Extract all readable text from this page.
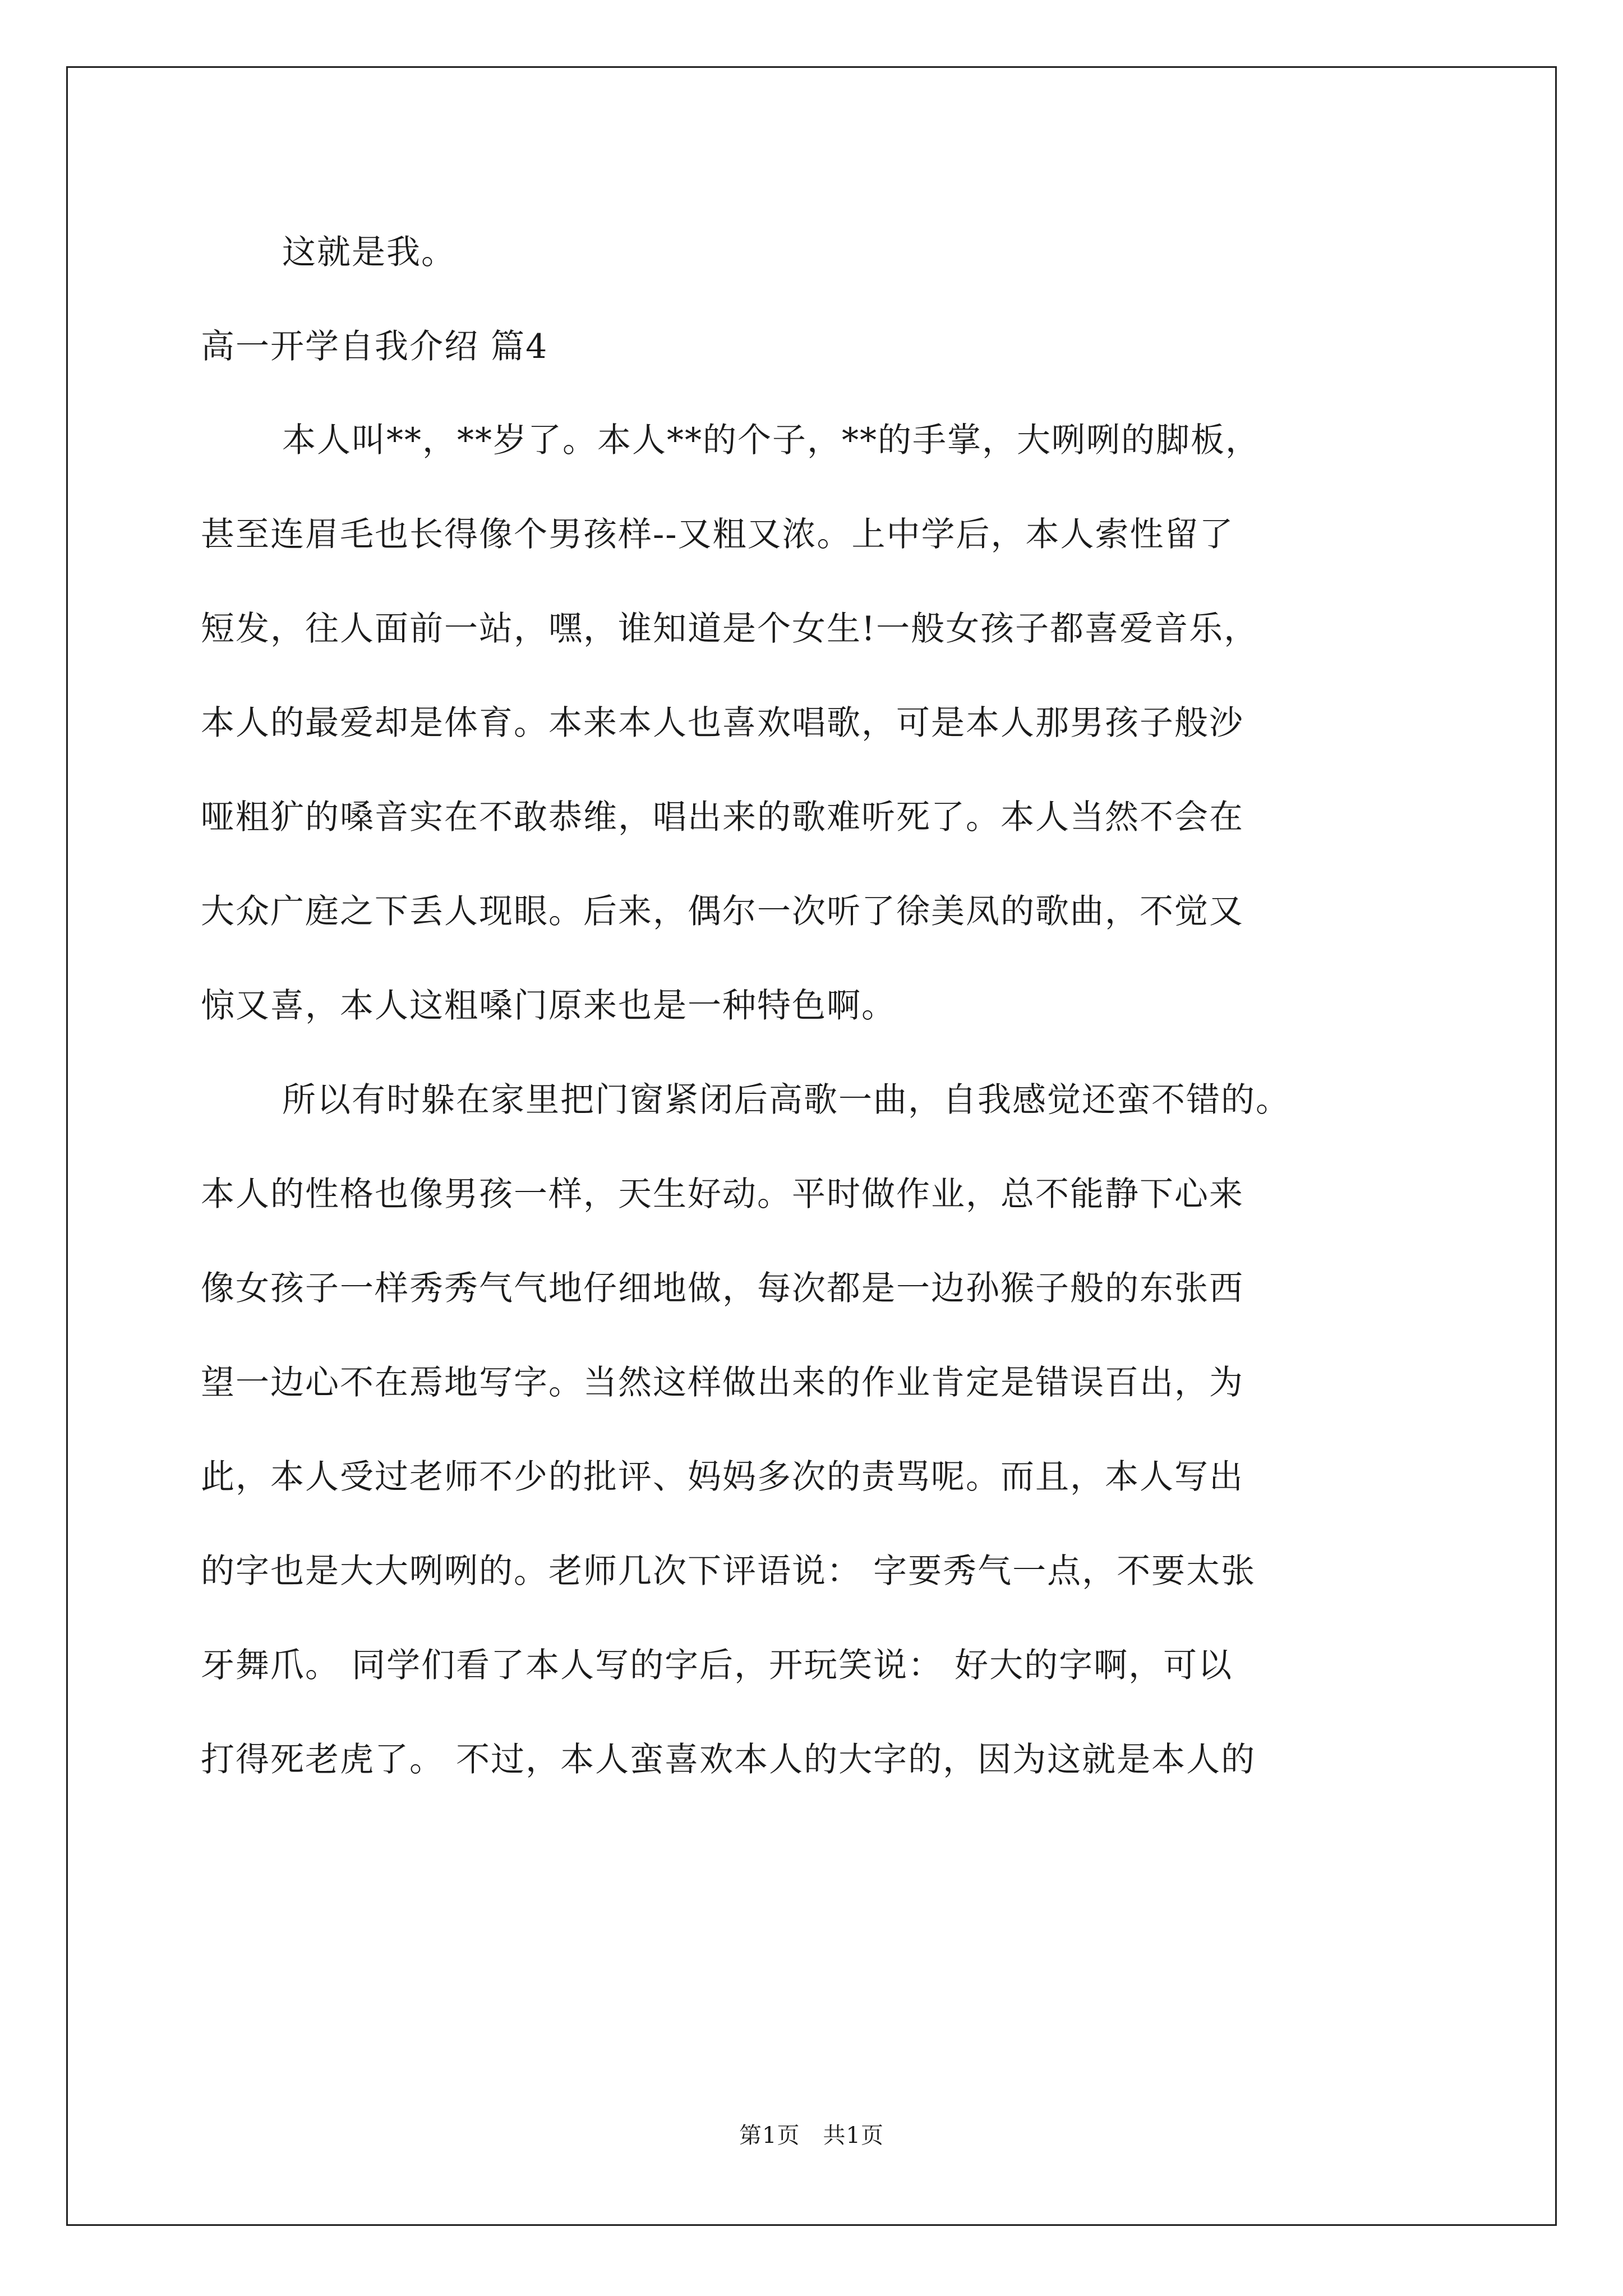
这就是我。
高一开学自我介绍 篇4
本人叫**，**岁了。本人**的个子，**的手掌，大咧咧的脚板，
甚至连眉毛也长得像个男孩样--又粗又浓。上中学后，本人索性留了
短发，往人面前一站，嘿，谁知道是个女生!一般女孩子都喜爱音乐，
本人的最爱却是体育。本来本人也喜欢唱歌，可是本人那男孩子般沙
哑粗犷的嗓音实在不敢恭维，唱出来的歌难听死了。本人当然不会在
大众广庭之下丢人现眼。后来，偶尔一次听了徐美凤的歌曲，不觉又
惊又喜，本人这粗嗓门原来也是一种特色啊。
所以有时躲在家里把门窗紧闭后高歌一曲，自我感觉还蛮不错的。
本人的性格也像男孩一样，天生好动。平时做作业，总不能静下心来
像女孩子一样秀秀气气地仔细地做，每次都是一边孙猴子般的东张西
望一边心不在焉地写字。当然这样做出来的作业肯定是错误百出，为
此，本人受过老师不少的批评、妈妈多次的责骂呢。而且，本人写出
的字也是大大咧咧的。老师几次下评语说： 字要秀气一点，不要太张
牙舞爪。 同学们看了本人写的字后，开玩笑说： 好大的字啊，可以
打得死老虎了。 不过，本人蛮喜欢本人的大字的，因为这就是本人的
第1页　共1页
